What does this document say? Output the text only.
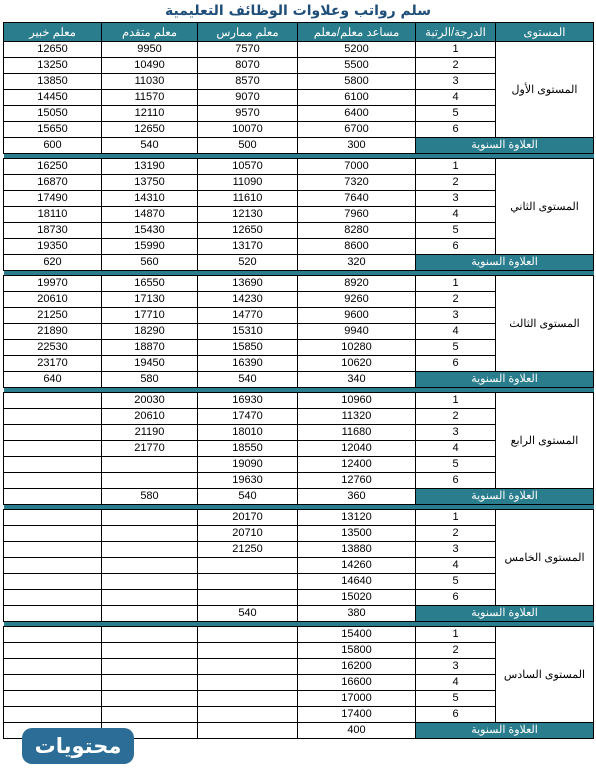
سلم رواتب وعلاوات الوظائف التعليمية
المستوى	الدرجة/الرتبة	مساعد معلم/معلم	معلم ممارس	معلم متقدم	معلم خبير
المستوى الأول	1	5200	7570	9950	12650
	2	5500	8070	10490	13250
	3	5800	8570	11030	13850
	4	6100	9070	11570	14450
	5	6400	9570	12110	15050
	6	6700	10070	12650	15650
العلاوة السنوية		300	500	540	600

المستوى الثاني	1	7000	10570	13190	16250
	2	7320	11090	13750	16870
	3	7640	11610	14310	17490
	4	7960	12130	14870	18110
	5	8280	12650	15430	18730
	6	8600	13170	15990	19350
العلاوة السنوية		320	520	560	620

المستوى الثالث	1	8920	13690	16550	19970
	2	9260	14230	17130	20610
	3	9600	14770	17710	21250
	4	9940	15310	18290	21890
	5	10280	15850	18870	22530
	6	10620	16390	19450	23170
العلاوة السنوية		340	540	580	640

المستوى الرابع	1	10960	16930	20030	
	2	11320	17470	20610	
	3	11680	18010	21190	
	4	12040	18550	21770	
	5	12400	19090		
	6	12760	19630		
العلاوة السنوية		360	540	580	

المستوى الخامس	1	13120	20170		
	2	13500	20710		
	3	13880	21250		
	4	14260			
	5	14640			
	6	15020			
العلاوة السنوية		380	540		

المستوى السادس	1	15400			
	2	15800			
	3	16200			
	4	16600			
	5	17000			
	6	17400			
العلاوة السنوية		400			
محتويات
